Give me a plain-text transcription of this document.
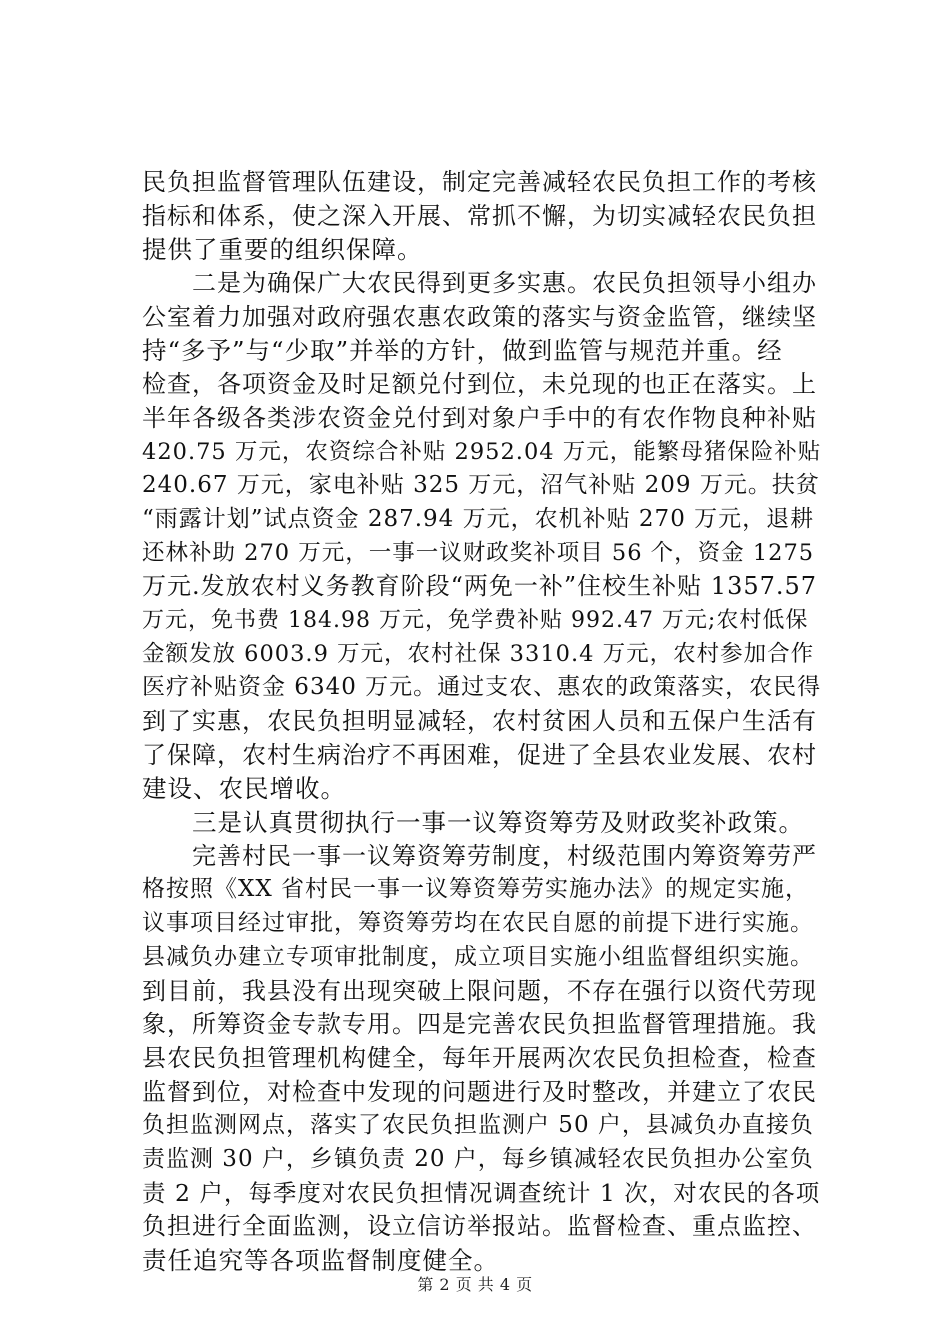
民负担监督管理队伍建设，制定完善减轻农民负担工作的考核
指标和体系，使之深入开展、常抓不懈，为切实减轻农民负担
提供了重要的组织保障。
二是为确保广大农民得到更多实惠。农民负担领导小组办
公室着力加强对政府强农惠农政策的落实与资金监管，继续坚
持“多予”与“少取”并举的方针，做到监管与规范并重。经
检查，各项资金及时足额兑付到位，未兑现的也正在落实。上
半年各级各类涉农资金兑付到对象户手中的有农作物良种补贴
420.75 万元，农资综合补贴 2952.04 万元，能繁母猪保险补贴
240.67 万元，家电补贴 325 万元，沼气补贴 209 万元。扶贫
“雨露计划”试点资金 287.94 万元，农机补贴 270 万元，退耕
还林补助 270 万元，一事一议财政奖补项目 56 个，资金 1275
万元.发放农村义务教育阶段“两免一补”住校生补贴 1357.57
万元，免书费 184.98 万元，免学费补贴 992.47 万元;农村低保
金额发放 6003.9 万元，农村社保 3310.4 万元，农村参加合作
医疗补贴资金 6340 万元。通过支农、惠农的政策落实，农民得
到了实惠，农民负担明显减轻，农村贫困人员和五保户生活有
了保障，农村生病治疗不再困难，促进了全县农业发展、农村
建设、农民增收。
三是认真贯彻执行一事一议筹资筹劳及财政奖补政策。
完善村民一事一议筹资筹劳制度，村级范围内筹资筹劳严
格按照《XX 省村民一事一议筹资筹劳实施办法》的规定实施，
议事项目经过审批，筹资筹劳均在农民自愿的前提下进行实施。
县减负办建立专项审批制度，成立项目实施小组监督组织实施。
到目前，我县没有出现突破上限问题，不存在强行以资代劳现
象，所筹资金专款专用。四是完善农民负担监督管理措施。我
县农民负担管理机构健全，每年开展两次农民负担检查，检查
监督到位，对检查中发现的问题进行及时整改，并建立了农民
负担监测网点，落实了农民负担监测户 50 户，县减负办直接负
责监测 30 户，乡镇负责 20 户，每乡镇减轻农民负担办公室负
责 2 户，每季度对农民负担情况调查统计 1 次，对农民的各项
负担进行全面监测，设立信访举报站。监督检查、重点监控、
责任追究等各项监督制度健全。
第 2 页 共 4 页
